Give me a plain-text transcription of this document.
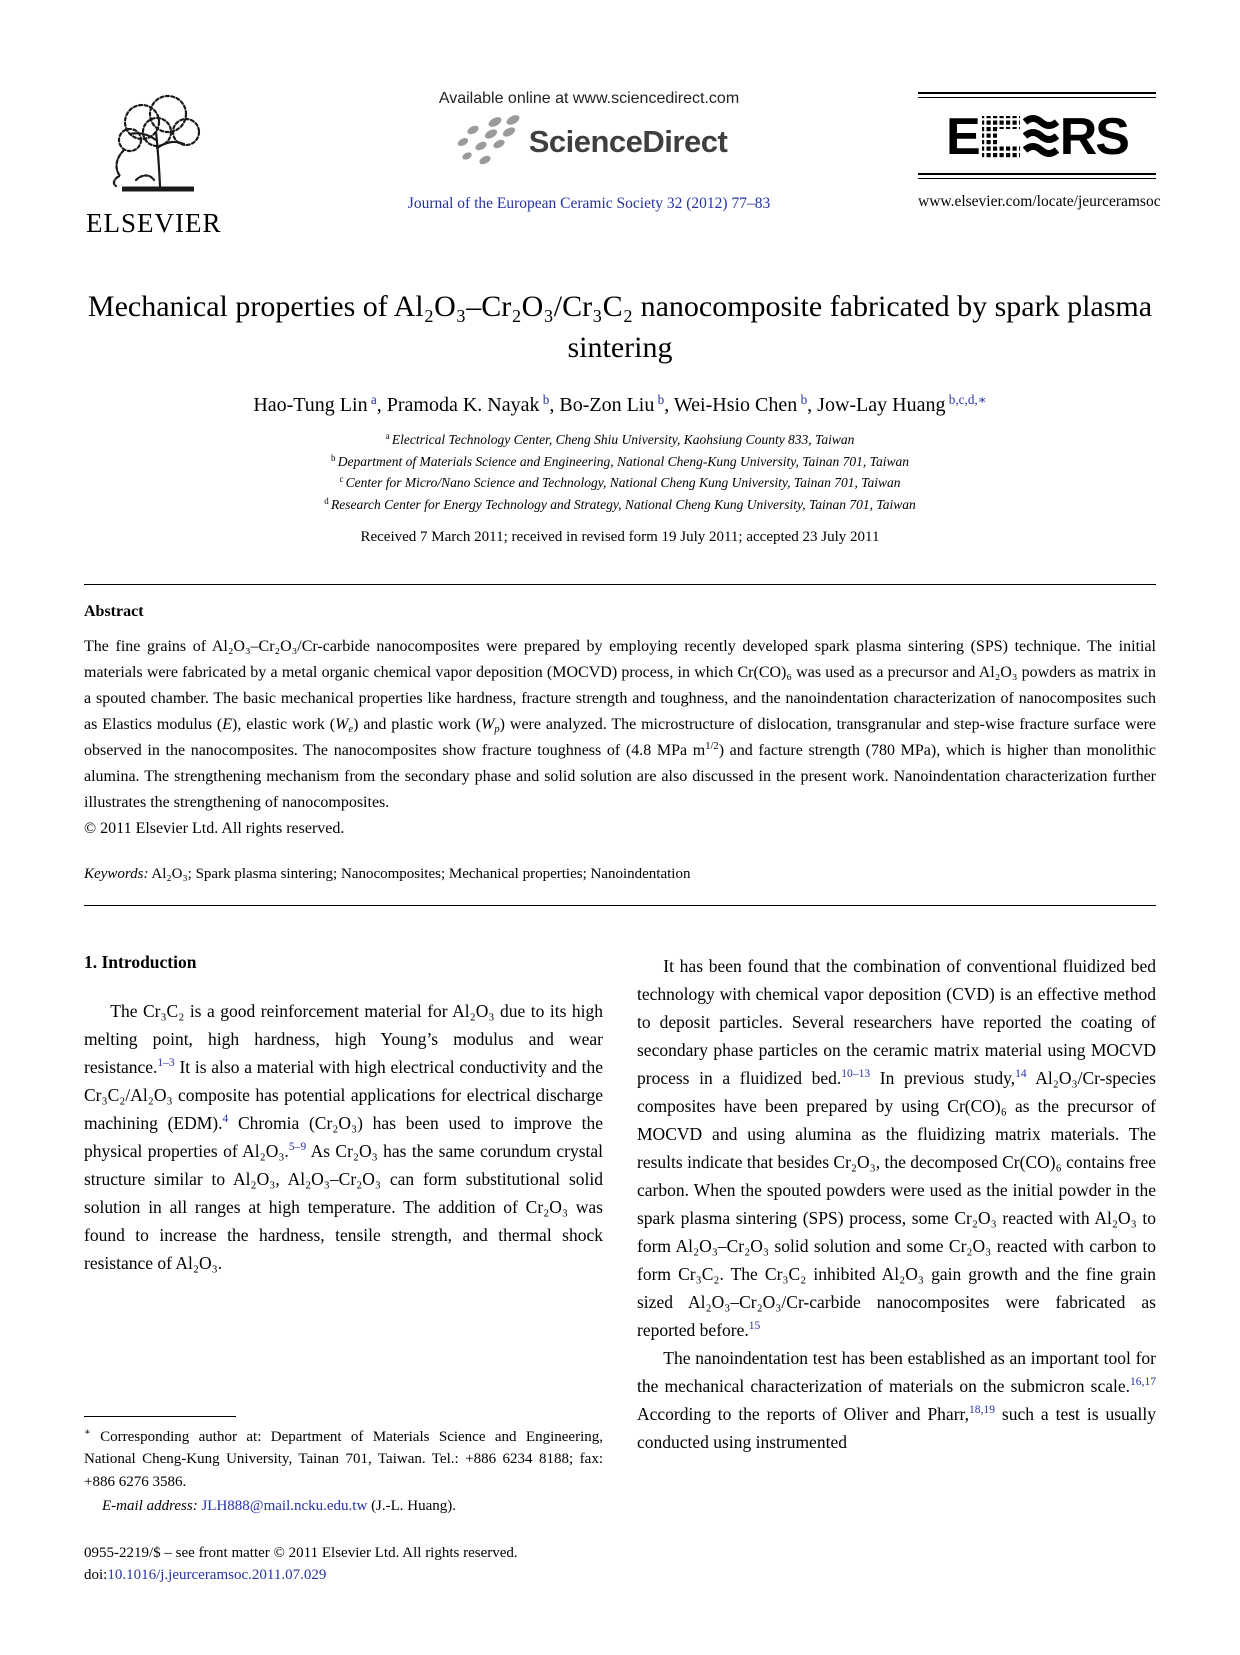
ELSEVIER
Available online at www.sciencedirect.com
ScienceDirect
Journal of the European Ceramic Society 32 (2012) 77–83
E RS
www.elsevier.com/locate/jeurceramsoc
Mechanical properties of Al₂O₃–Cr₂O₃/Cr₃C₂ nanocomposite fabricated by spark plasma sintering
Hao-Tung Lin $^a$, Pramoda K. Nayak $^b$, Bo-Zon Liu $^b$, Wei-Hsio Chen $^b$, Jow-Lay Huang $^{b,c,d,∗}$
$^a$ Electrical Technology Center, Cheng Shiu University, Kaohsiung County 833, Taiwan
$^b$ Department of Materials Science and Engineering, National Cheng-Kung University, Tainan 701, Taiwan
$^c$ Center for Micro/Nano Science and Technology, National Cheng Kung University, Tainan 701, Taiwan
$^d$ Research Center for Energy Technology and Strategy, National Cheng Kung University, Tainan 701, Taiwan
Received 7 March 2011; received in revised form 19 July 2011; accepted 23 July 2011
Abstract

The fine grains of Al₂O₃–Cr₂O₃/Cr-carbide nanocomposites were prepared by employing recently developed spark plasma sintering (SPS) technique. The initial materials were fabricated by a metal organic chemical vapor deposition (MOCVD) process, in which Cr(CO)₆ was used as a precursor and Al₂O₃ powders as matrix in a spouted chamber. The basic mechanical properties like hardness, fracture strength and toughness, and the nanoindentation characterization of nanocomposites such as Elastics modulus (E), elastic work (We) and plastic work (Wp) were analyzed. The microstructure of dislocation, transgranular and step-wise fracture surface were observed in the nanocomposites. The nanocomposites show fracture toughness of (4.8 MPa $m^{1/2}$) and facture strength (780 MPa), which is higher than monolithic alumina. The strengthening mechanism from the secondary phase and solid solution are also discussed in the present work. Nanoindentation characterization further illustrates the strengthening of nanocomposites.

© 2011 Elsevier Ltd. All rights reserved.
Keywords: Al₂O₃; Spark plasma sintering; Nanocomposites; Mechanical properties; Nanoindentation
1. Introduction

The Cr₃C₂ is a good reinforcement material for Al₂O₃ due to its high melting point, high hardness, high Young’s modulus and wear resistance.$^{1-3}$ It is also a material with high electrical conductivity and the Cr₃C₂/Al₂O₃ composite has potential applications for electrical discharge machining (EDM).$^4$ Chromia (Cr₂O₃) has been used to improve the physical properties of Al₂O₃.$^{5-9}$ As Cr₂O₃ has the same corundum crystal structure similar to Al₂O₃, Al₂O₃–Cr₂O₃ can form substitutional solid solution in all ranges at high temperature. The addition of Cr₂O₃ was found to increase the hardness, tensile strength, and thermal shock resistance of Al₂O₃.

∗ Corresponding author at: Department of Materials Science and Engineering, National Cheng-Kung University, Tainan 701, Taiwan. Tel.: +886 6234 8188; fax: +886 6276 3586.

E-mail address: JLH888@mail.ncku.edu.tw (J.-L. Huang).

It has been found that the combination of conventional fluidized bed technology with chemical vapor deposition (CVD) is an effective method to deposit particles. Several researchers have reported the coating of secondary phase particles on the ceramic matrix material using MOCVD process in a fluidized bed.$^{10-13}$ In previous study,$^{14}$ Al₂O₃/Cr-species composites have been prepared by using Cr(CO)₆ as the precursor of MOCVD and using alumina as the fluidizing matrix materials. The results indicate that besides Cr₂O₃, the decomposed Cr(CO)₆ contains free carbon. When the spouted powders were used as the initial powder in the spark plasma sintering (SPS) process, some Cr₂O₃ reacted with Al₂O₃ to form Al₂O₃–Cr₂O₃ solid solution and some Cr₂O₃ reacted with carbon to form Cr₃C₂. The Cr₃C₂ inhibited Al₂O₃ gain growth and the fine grain sized Al₂O₃–Cr₂O₃/Cr-carbide nanocomposites were fabricated as reported before.$^{15}$

The nanoindentation test has been established as an important tool for the mechanical characterization of materials on the submicron scale.$^{16,17}$ According to the reports of Oliver and Pharr,$^{18,19}$ such a test is usually conducted using instrumented

0955-2219/$ – see front matter © 2011 Elsevier Ltd. All rights reserved.
doi:10.1016/j.jeurceramsoc.2011.07.029
